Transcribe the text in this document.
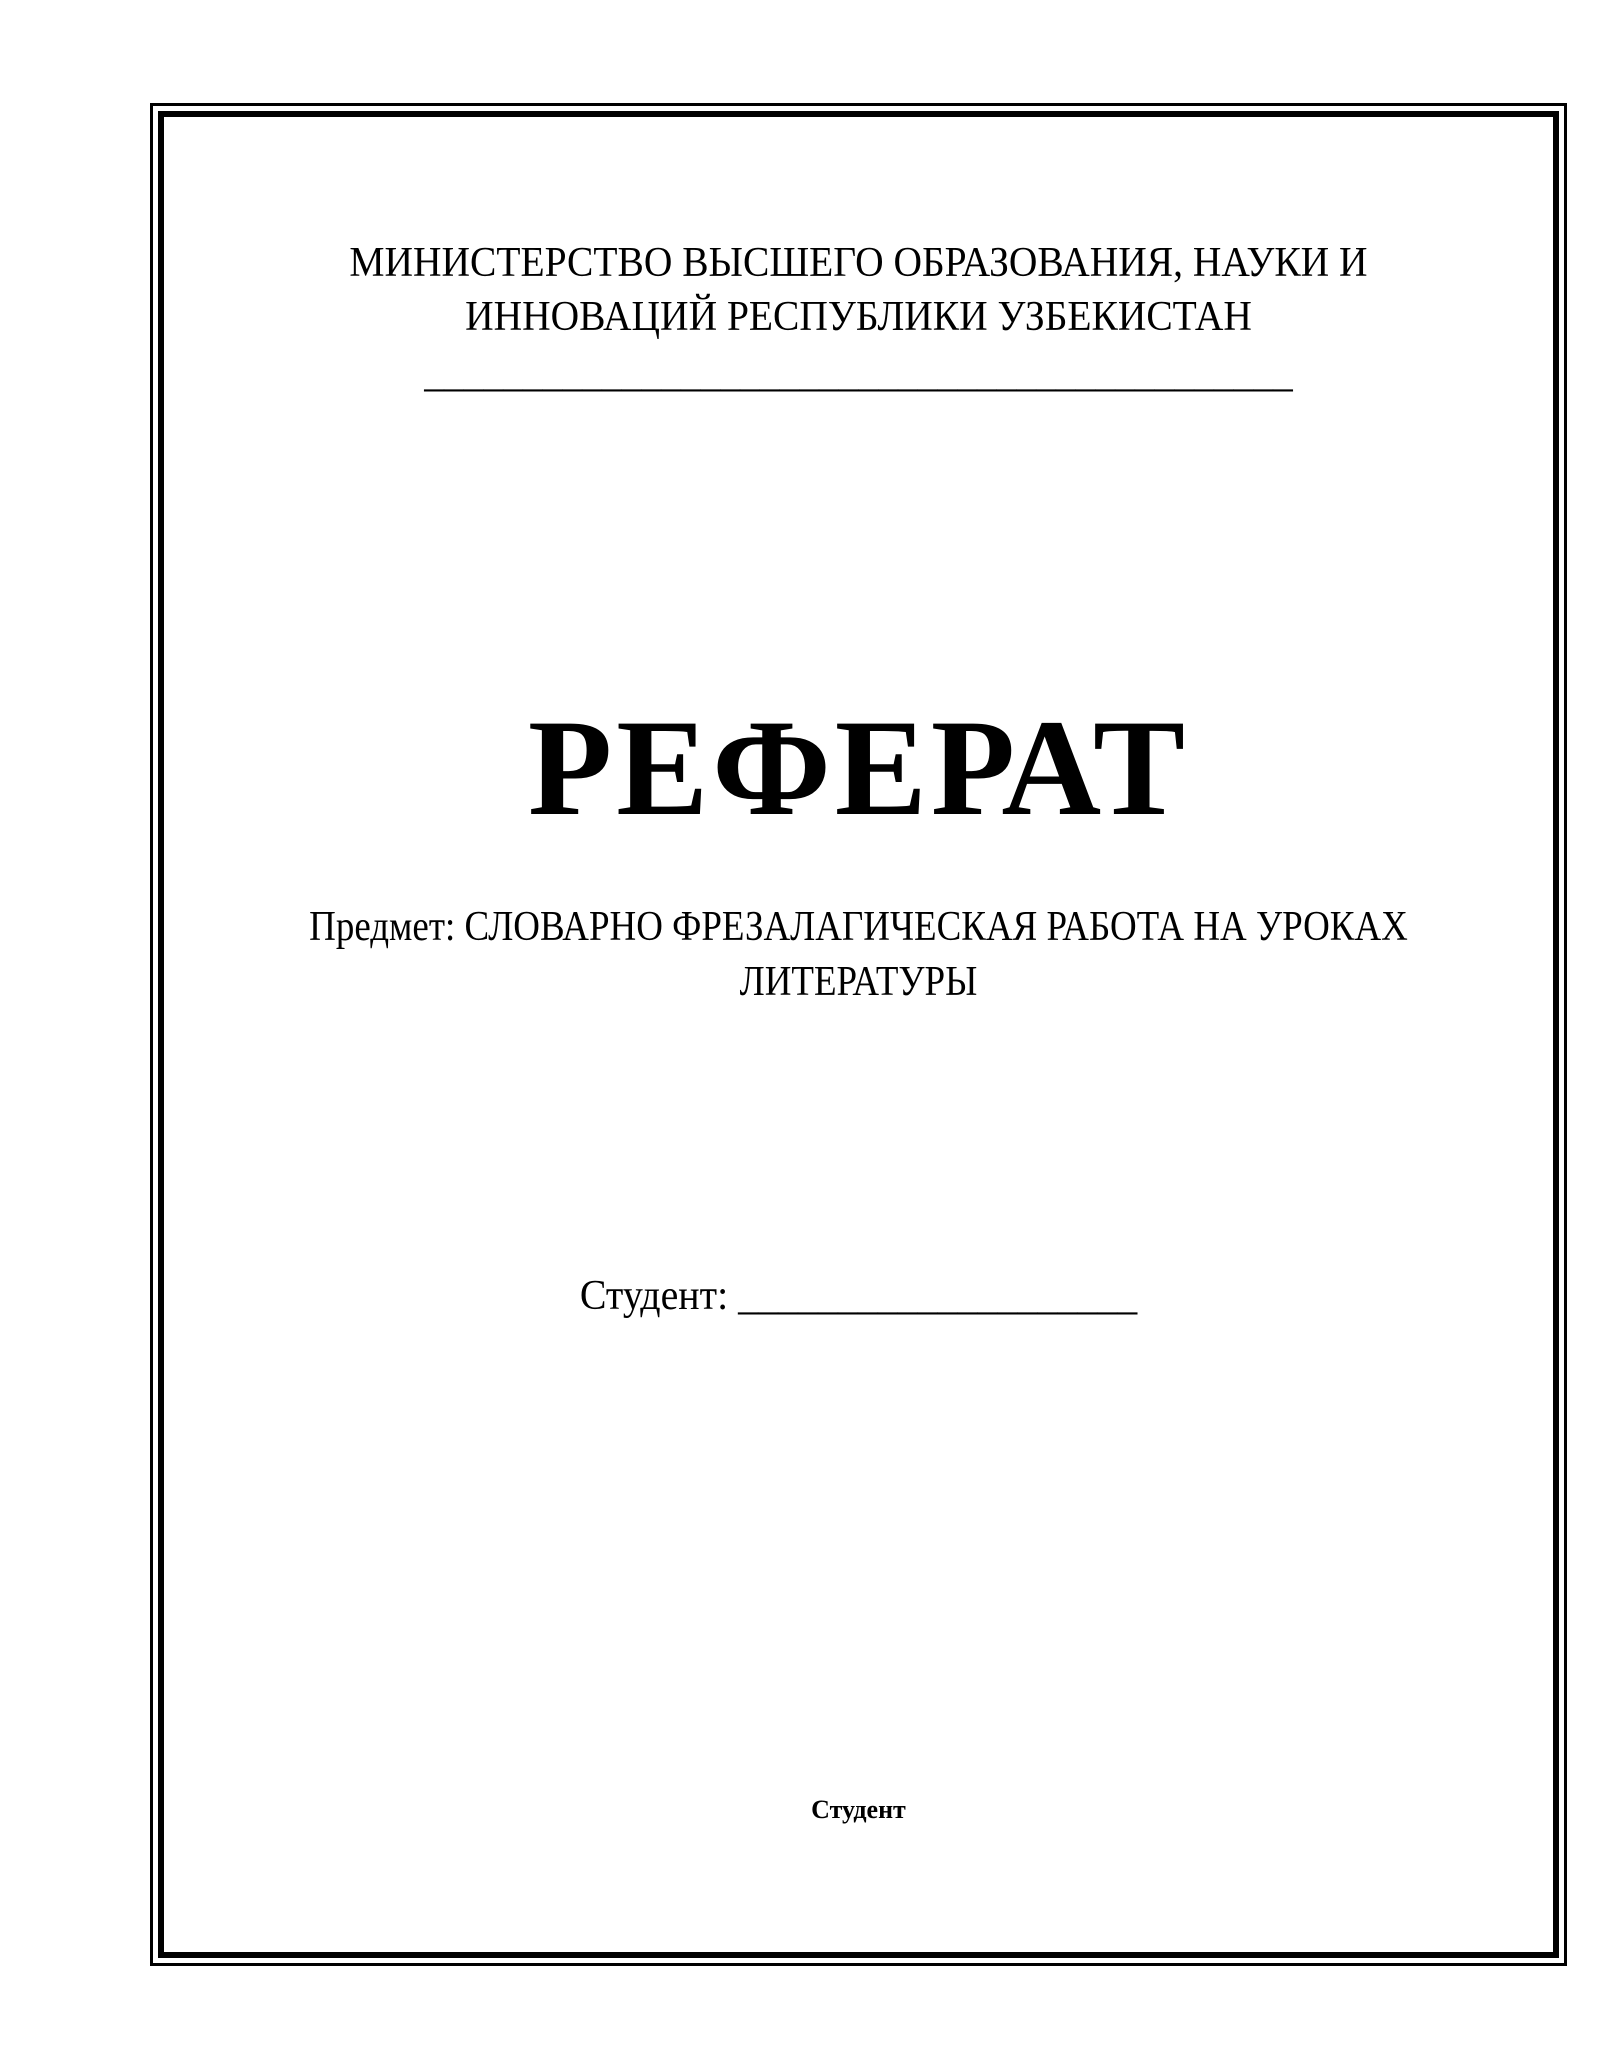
МИНИСТЕРСТВО ВЫСШЕГО ОБРАЗОВАНИЯ, НАУКИ И
ИННОВАЦИЙ РЕСПУБЛИКИ УЗБЕКИСТАН
____________________________________________
РЕФЕРАТ
Предмет: СЛОВАРНО ФРЕЗАЛАГИЧЕСКАЯ РАБОТА НА УРОКАХ
ЛИТЕРАТУРЫ
Студент: ____________________
Студент
